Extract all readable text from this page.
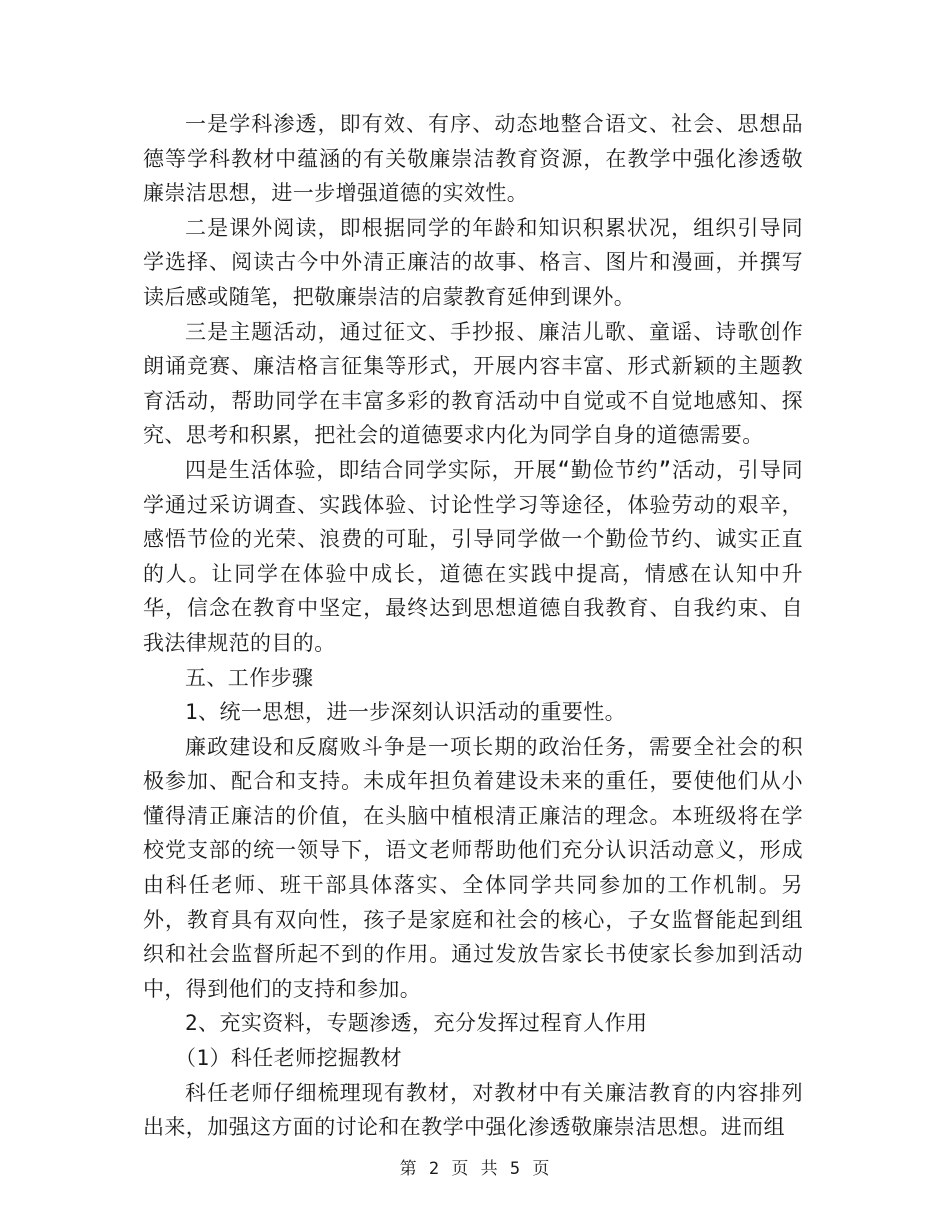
一是学科渗透，即有效、有序、动态地整合语文、社会、思想品德等学科教材中蕴涵的有关敬廉崇洁教育资源，在教学中强化渗透敬廉崇洁思想，进一步增强道德的实效性。

二是课外阅读，即根据同学的年龄和知识积累状况，组织引导同学选择、阅读古今中外清正廉洁的故事、格言、图片和漫画，并撰写读后感或随笔，把敬廉崇洁的启蒙教育延伸到课外。

三是主题活动，通过征文、手抄报、廉洁儿歌、童谣、诗歌创作朗诵竞赛、廉洁格言征集等形式，开展内容丰富、形式新颖的主题教育活动，帮助同学在丰富多彩的教育活动中自觉或不自觉地感知、探究、思考和积累，把社会的道德要求内化为同学自身的道德需要。

四是生活体验，即结合同学实际，开展“勤俭节约”活动，引导同学通过采访调查、实践体验、讨论性学习等途径，体验劳动的艰辛，感悟节俭的光荣、浪费的可耻，引导同学做一个勤俭节约、诚实正直的人。让同学在体验中成长，道德在实践中提高，情感在认知中升华，信念在教育中坚定，最终达到思想道德自我教育、自我约束、自我法律规范的目的。

五、工作步骤

1、统一思想，进一步深刻认识活动的重要性。

廉政建设和反腐败斗争是一项长期的政治任务，需要全社会的积极参加、配合和支持。未成年担负着建设未来的重任，要使他们从小懂得清正廉洁的价值，在头脑中植根清正廉洁的理念。本班级将在学校党支部的统一领导下，语文老师帮助他们充分认识活动意义，形成由科任老师、班干部具体落实、全体同学共同参加的工作机制。另外，教育具有双向性，孩子是家庭和社会的核心，子女监督能起到组织和社会监督所起不到的作用。通过发放告家长书使家长参加到活动中，得到他们的支持和参加。

2、充实资料，专题渗透，充分发挥过程育人作用

（1）科任老师挖掘教材

科任老师仔细梳理现有教材，对教材中有关廉洁教育的内容排列出来，加强这方面的讨论和在教学中强化渗透敬廉崇洁思想。进而组

第 2 页 共 5 页
